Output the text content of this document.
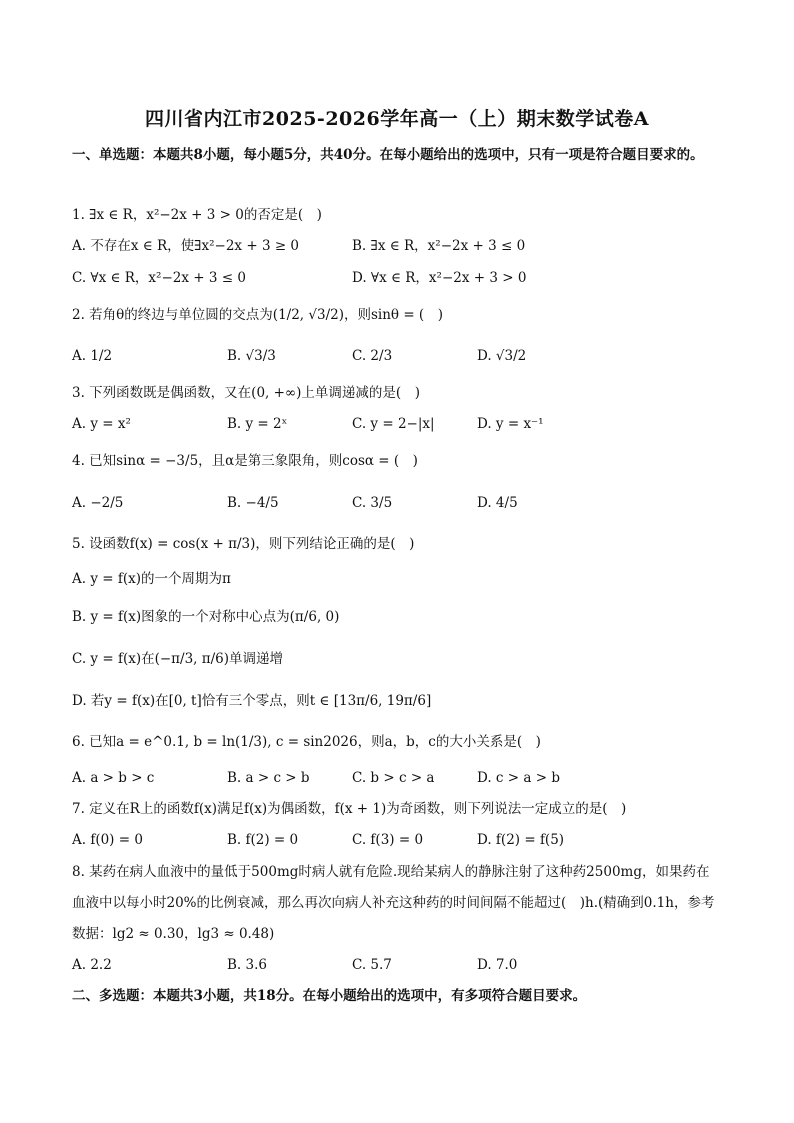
四川省内江市2025-2026学年高一（上）期末数学试卷A
一、单选题：本题共8小题，每小题5分，共40分。在每小题给出的选项中，只有一项是符合题目要求的。
1. ∃x ∈ R，x²−2x + 3 > 0的否定是(　)
A. 不存在x ∈ R，使∃x²−2x + 3 ≥ 0	B. ∃x ∈ R，x²−2x + 3 ≤ 0
C. ∀x ∈ R，x²−2x + 3 ≤ 0	D. ∀x ∈ R，x²−2x + 3 > 0
2. 若角θ的终边与单位圆的交点为(1/2, √3/2)，则sinθ = (　)
A. 1/2	B. √3/3	C. 2/3	D. √3/2
3. 下列函数既是偶函数，又在(0, +∞)上单调递减的是(　)
A. y = x²	B. y = 2ˣ	C. y = 2−|x|	D. y = x⁻¹
4. 已知sinα = −3/5，且α是第三象限角，则cosα = (　)
A. −2/5	B. −4/5	C. 3/5	D. 4/5
5. 设函数f(x) = cos(x + π/3)，则下列结论正确的是(　)
A. y = f(x)的一个周期为π
B. y = f(x)图象的一个对称中心点为(π/6, 0)
C. y = f(x)在(−π/3, π/6)单调递增
D. 若y = f(x)在[0, t]恰有三个零点，则t ∈ [13π/6, 19π/6]
6. 已知a = e^0.1, b = ln(1/3), c = sin2026，则a，b，c的大小关系是(　)
A. a > b > c	B. a > c > b	C. b > c > a	D. c > a > b
7. 定义在R上的函数f(x)满足f(x)为偶函数，f(x + 1)为奇函数，则下列说法一定成立的是(　)
A. f(0) = 0	B. f(2) = 0	C. f(3) = 0	D. f(2) = f(5)
8. 某药在病人血液中的量低于500mg时病人就有危险.现给某病人的静脉注射了这种药2500mg，如果药在血液中以每小时20%的比例衰减，那么再次向病人补充这种药的时间间隔不能超过(　)h.(精确到0.1h，参考数据：lg2 ≈ 0.30，lg3 ≈ 0.48)
A. 2.2	B. 3.6	C. 5.7	D. 7.0
二、多选题：本题共3小题，共18分。在每小题给出的选项中，有多项符合题目要求。
